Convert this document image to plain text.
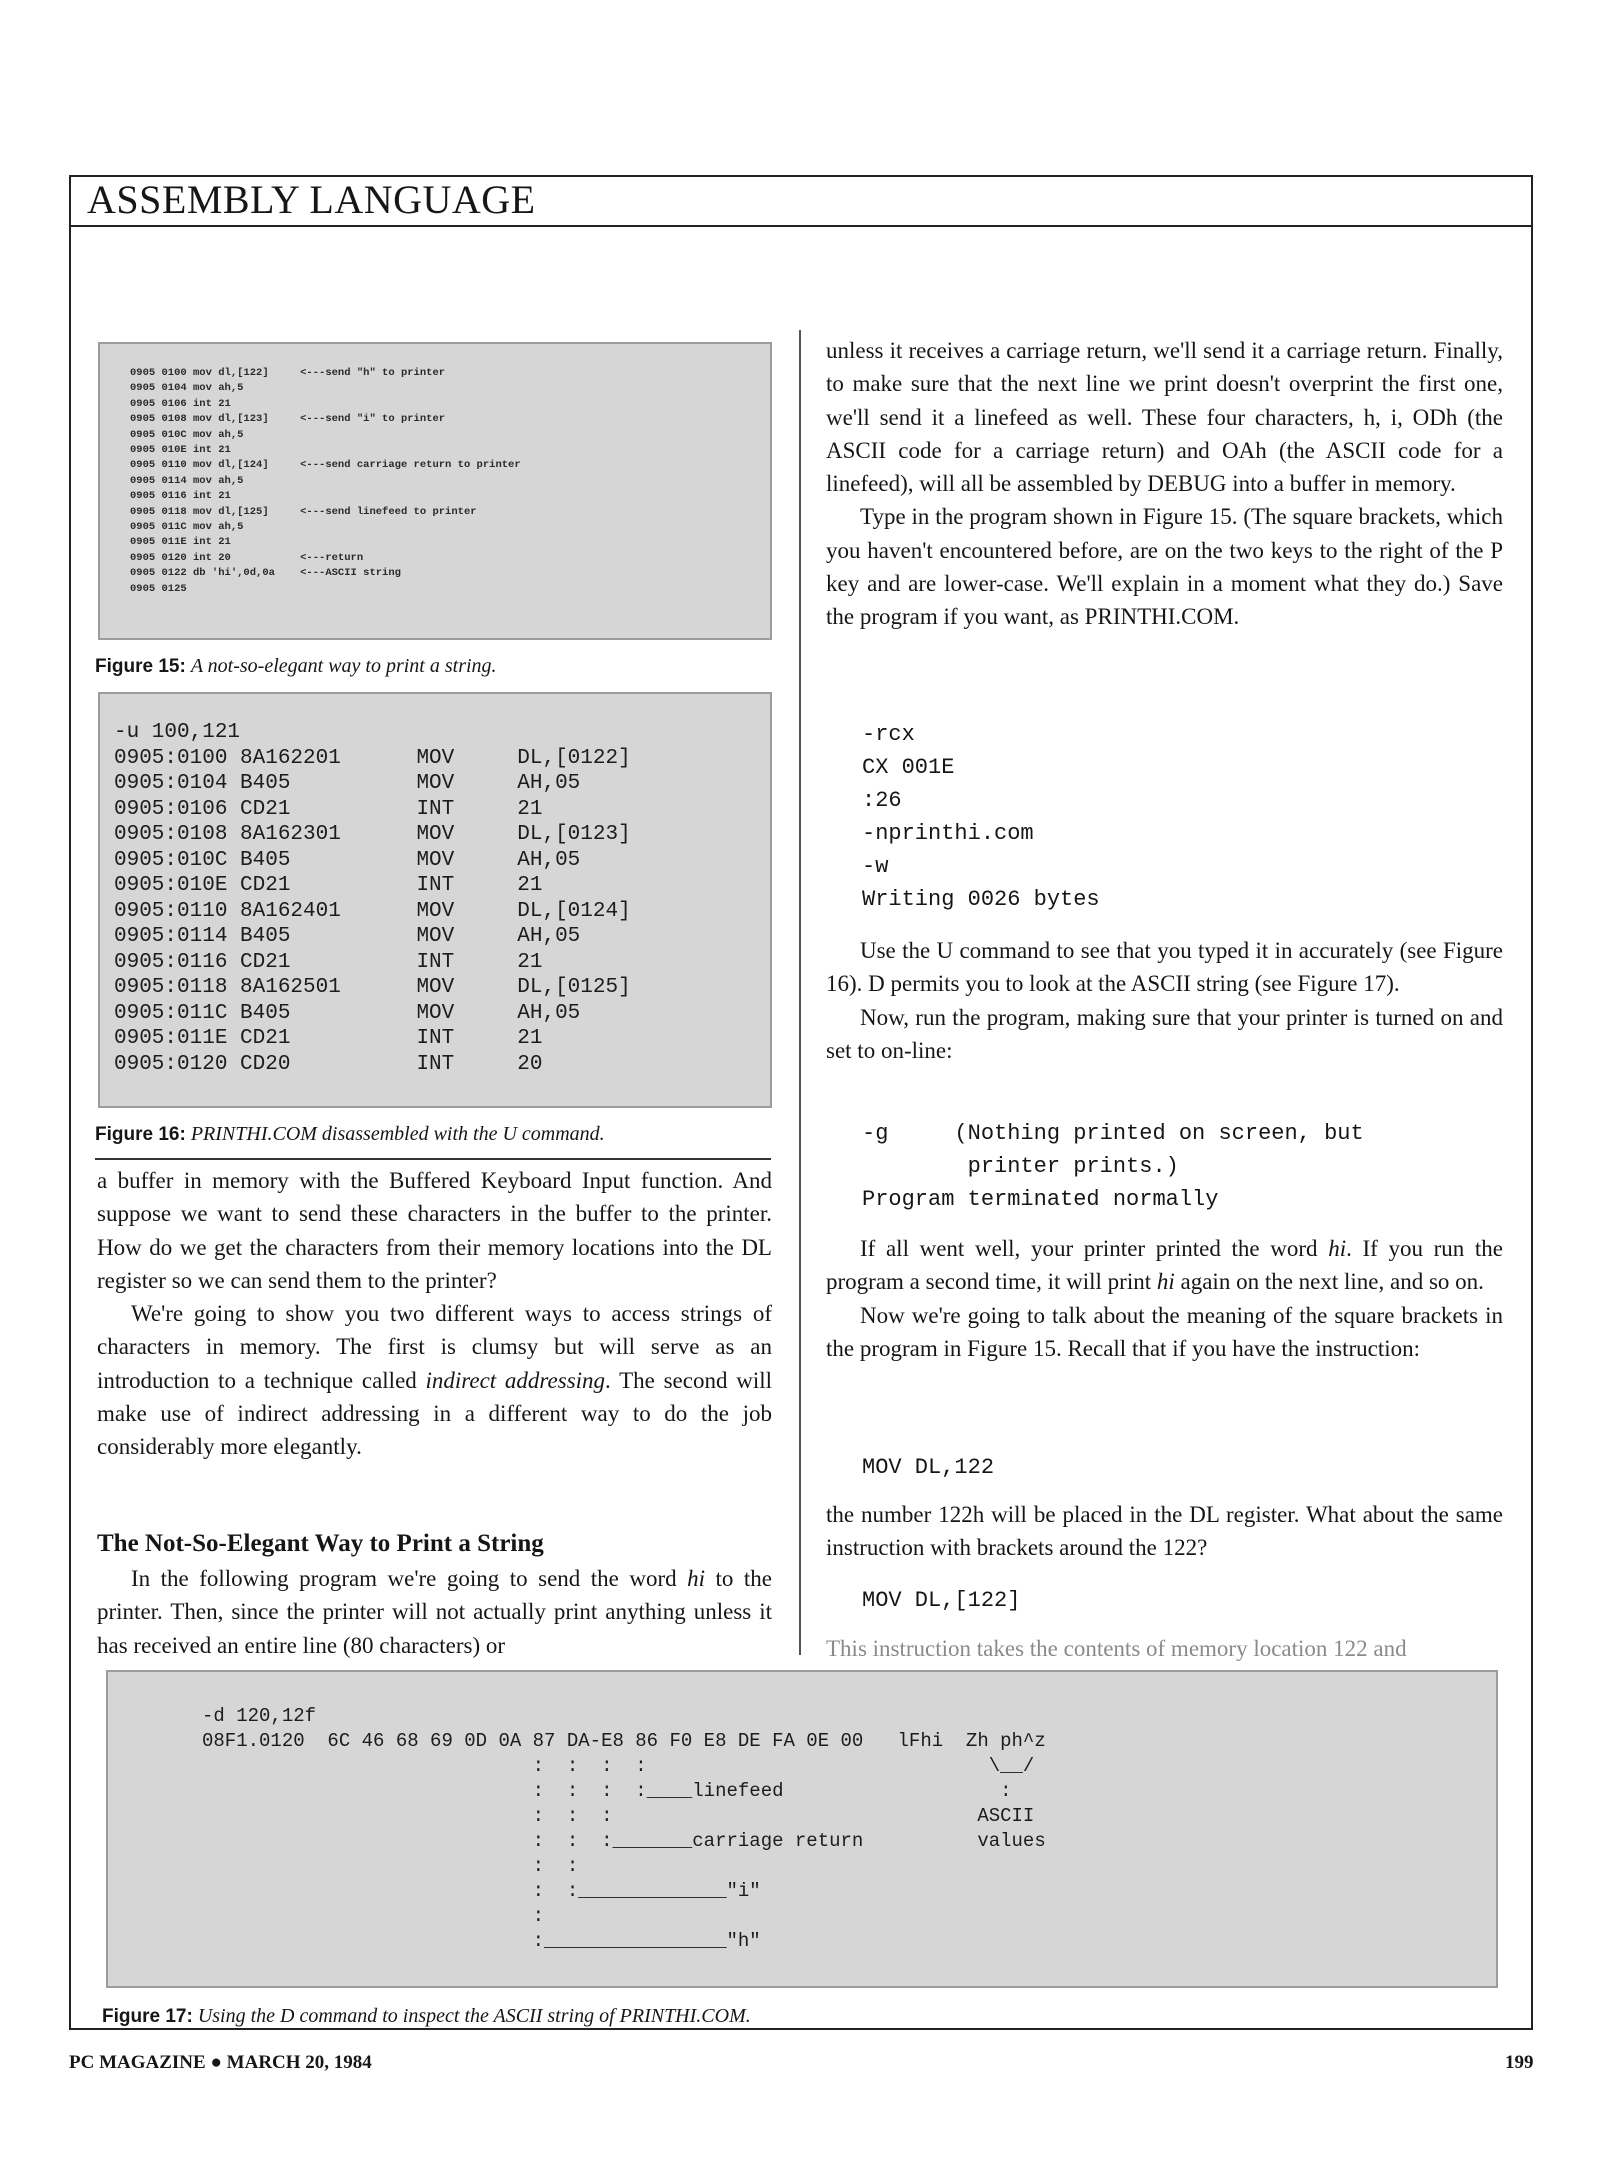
ASSEMBLY LANGUAGE
0905 0100 mov dl,[122]     <---send "h" to printer
0905 0104 mov ah,5
0905 0106 int 21
0905 0108 mov dl,[123]     <---send "i" to printer
0905 010C mov ah,5
0905 010E int 21
0905 0110 mov dl,[124]     <---send carriage return to printer
0905 0114 mov ah,5
0905 0116 int 21
0905 0118 mov dl,[125]     <---send linefeed to printer
0905 011C mov ah,5
0905 011E int 21
0905 0120 int 20           <---return
0905 0122 db 'hi',0d,0a    <---ASCII string
0905 0125
Figure 15: A not-so-elegant way to print a string.
-u 100,121
0905:0100 8A162201      MOV     DL,[0122]
0905:0104 B405          MOV     AH,05
0905:0106 CD21          INT     21
0905:0108 8A162301      MOV     DL,[0123]
0905:010C B405          MOV     AH,05
0905:010E CD21          INT     21
0905:0110 8A162401      MOV     DL,[0124]
0905:0114 B405          MOV     AH,05
0905:0116 CD21          INT     21
0905:0118 8A162501      MOV     DL,[0125]
0905:011C B405          MOV     AH,05
0905:011E CD21          INT     21
0905:0120 CD20          INT     20
Figure 16: PRINTHI.COM disassembled with the U command.

a buffer in memory with the Buffered Keyboard Input function. And suppose we want to send these characters in the buffer to the printer. How do we get the characters from their memory locations into the DL register so we can send them to the printer?

We're going to show you two different ways to access strings of characters in memory. The first is clumsy but will serve as an introduction to a technique called indirect addressing. The second will make use of indirect addressing in a different way to do the job considerably more elegantly.

The Not-So-Elegant Way to Print a String

In the following program we're going to send the word hi to the printer. Then, since the printer will not actually print anything unless it has received an entire line (80 characters) or

unless it receives a carriage return, we'll send it a carriage return. Finally, to make sure that the next line we print doesn't overprint the first one, we'll send it a linefeed as well. These four characters, h, i, ODh (the ASCII code for a carriage return) and OAh (the ASCII code for a linefeed), will all be assembled by DEBUG into a buffer in memory.

Type in the program shown in Figure 15. (The square brackets, which you haven't encountered before, are on the two keys to the right of the P key and are lower-case. We'll explain in a moment what they do.) Save the program if you want, as PRINTHI.COM.

-rcx
CX 001E
:26
-nprinthi.com
-w
Writing 0026 bytes

Use the U command to see that you typed it in accurately (see Figure 16). D permits you to look at the ASCII string (see Figure 17).

Now, run the program, making sure that your printer is turned on and set to on-line:

-g     (Nothing printed on screen, but
printer prints.)
Program terminated normally

If all went well, your printer printed the word hi. If you run the program a second time, it will print hi again on the next line, and so on.

Now we're going to talk about the meaning of the square brackets in the program in Figure 15. Recall that if you have the instruction:

MOV DL,122

the number 122h will be placed in the DL register. What about the same instruction with brackets around the 122?

MOV DL,[122]

This instruction takes the contents of memory location 122 and

-d 120,12f
08F1.0120  6C 46 68 69 0D 0A 87 DA-E8 86 F0 E8 DE FA 0E 00   lFhi  Zh ph^z
:  :  :  :                              \__/
:  :  :  :____linefeed                   :
:  :  :                                ASCII
:  :  :_______carriage return          values
:  :
:  :_____________"i"
:
:________________"h"
Figure 17: Using the D command to inspect the ASCII string of PRINTHI.COM.
PC MAGAZINE ● MARCH 20, 1984	199
